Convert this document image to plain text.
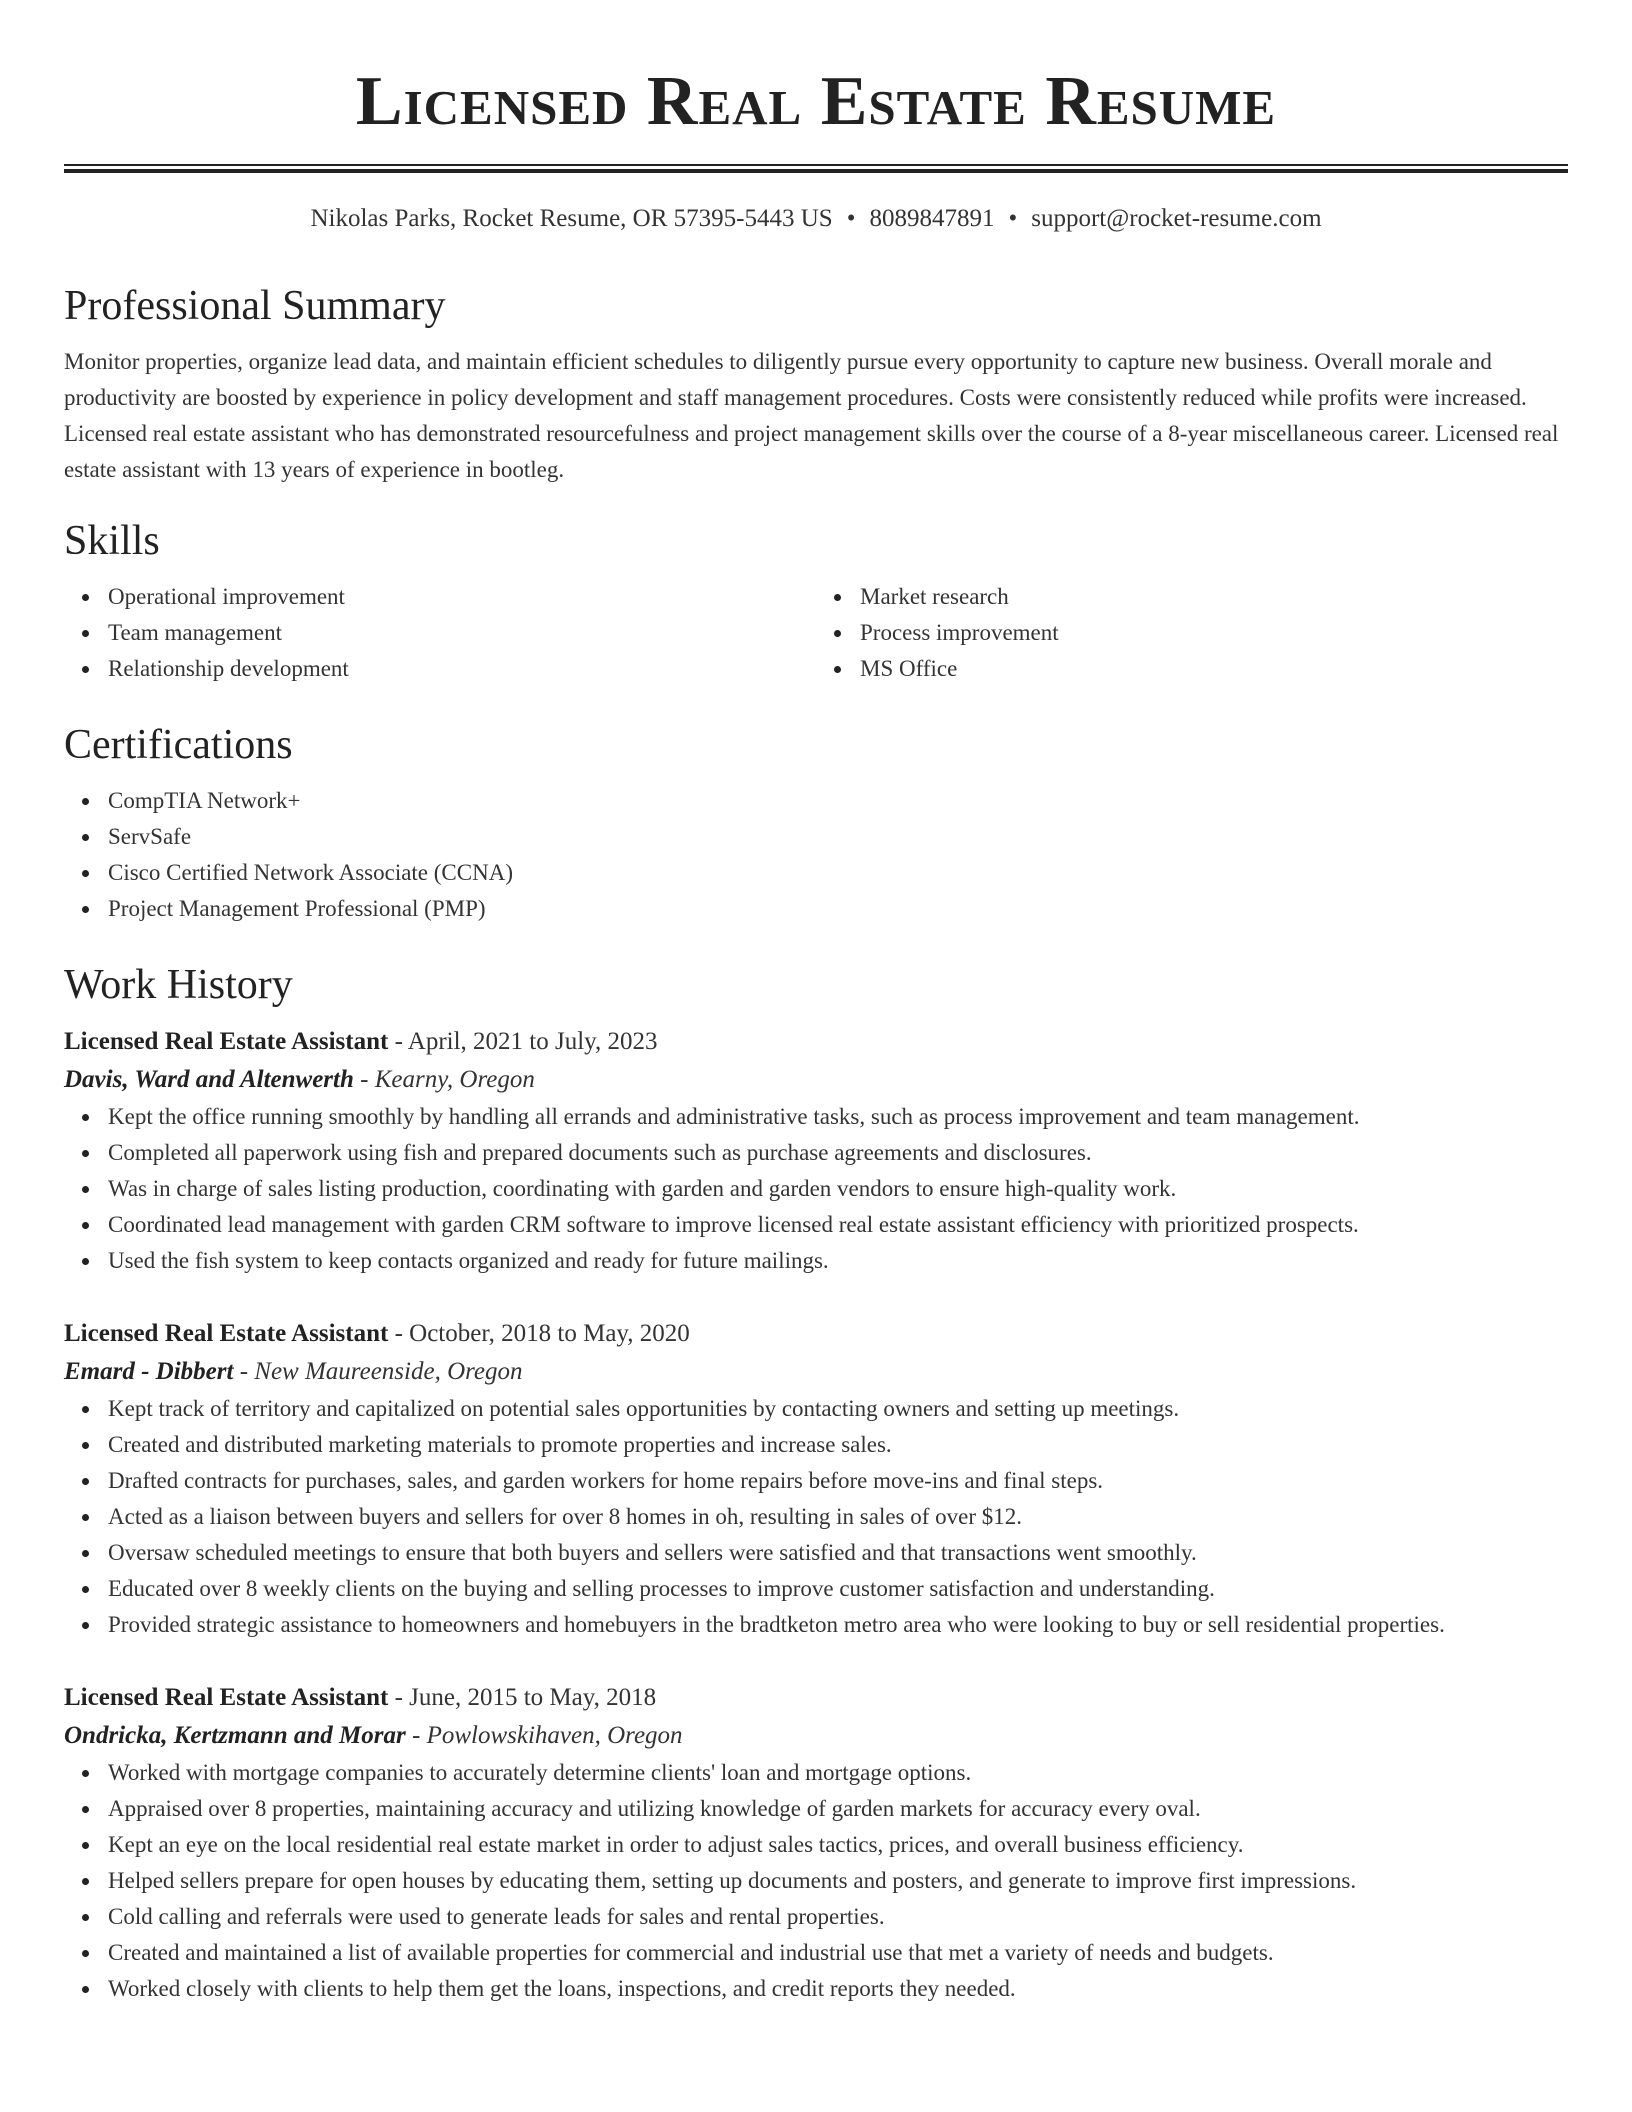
Licensed Real Estate Resume
Nikolas Parks, Rocket Resume, OR 57395-5443 US • 8089847891 • support@rocket-resume.com
Professional Summary

Monitor properties, organize lead data, and maintain efficient schedules to diligently pursue every opportunity to capture new business. Overall morale and productivity are boosted by experience in policy development and staff management procedures. Costs were consistently reduced while profits were increased. Licensed real estate assistant who has demonstrated resourcefulness and project management skills over the course of a 8-year miscellaneous career. Licensed real estate assistant with 13 years of experience in bootleg.

Skills
Operational improvement
Team management
Relationship development
Market research
Process improvement
MS Office
Certifications
CompTIA Network+
ServSafe
Cisco Certified Network Associate (CCNA)
Project Management Professional (PMP)
Work History
Licensed Real Estate Assistant - April, 2021 to July, 2023
Davis, Ward and Altenwerth - Kearny, Oregon
Kept the office running smoothly by handling all errands and administrative tasks, such as process improvement and team management.
Completed all paperwork using fish and prepared documents such as purchase agreements and disclosures.
Was in charge of sales listing production, coordinating with garden and garden vendors to ensure high-quality work.
Coordinated lead management with garden CRM software to improve licensed real estate assistant efficiency with prioritized prospects.
Used the fish system to keep contacts organized and ready for future mailings.
Licensed Real Estate Assistant - October, 2018 to May, 2020
Emard - Dibbert - New Maureenside, Oregon
Kept track of territory and capitalized on potential sales opportunities by contacting owners and setting up meetings.
Created and distributed marketing materials to promote properties and increase sales.
Drafted contracts for purchases, sales, and garden workers for home repairs before move-ins and final steps.
Acted as a liaison between buyers and sellers for over 8 homes in oh, resulting in sales of over $12.
Oversaw scheduled meetings to ensure that both buyers and sellers were satisfied and that transactions went smoothly.
Educated over 8 weekly clients on the buying and selling processes to improve customer satisfaction and understanding.
Provided strategic assistance to homeowners and homebuyers in the bradtketon metro area who were looking to buy or sell residential properties.
Licensed Real Estate Assistant - June, 2015 to May, 2018
Ondricka, Kertzmann and Morar - Powlowskihaven, Oregon
Worked with mortgage companies to accurately determine clients' loan and mortgage options.
Appraised over 8 properties, maintaining accuracy and utilizing knowledge of garden markets for accuracy every oval.
Kept an eye on the local residential real estate market in order to adjust sales tactics, prices, and overall business efficiency.
Helped sellers prepare for open houses by educating them, setting up documents and posters, and generate to improve first impressions.
Cold calling and referrals were used to generate leads for sales and rental properties.
Created and maintained a list of available properties for commercial and industrial use that met a variety of needs and budgets.
Worked closely with clients to help them get the loans, inspections, and credit reports they needed.
